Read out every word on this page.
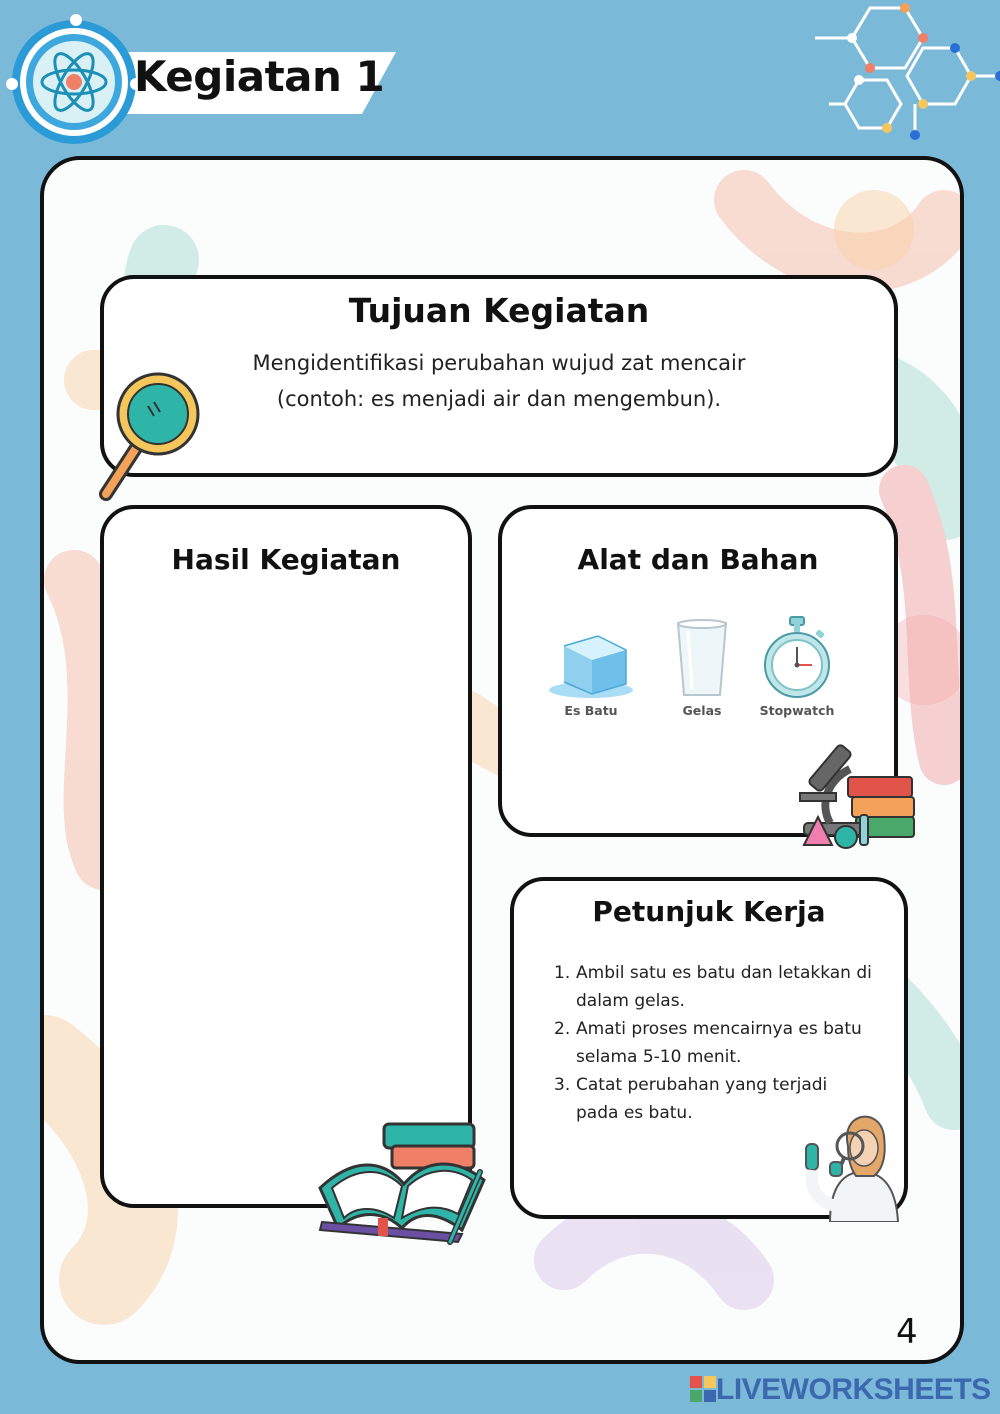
Kegiatan 1
Tujuan Kegiatan
Mengidentifikasi perubahan wujud zat mencair
(contoh: es menjadi air dan mengembun).
Hasil Kegiatan	Alat dan Bahan
Es Batu	Gelas	Stopwatch
Petunjuk Kerja
1. Ambil satu es batu dan letakkan di
dalam gelas.
2. Amati proses mencairnya es batu
selama 5-10 menit.
3. Catat perubahan yang terjadi
pada es batu.
4
LIVEWORKSHEETS
